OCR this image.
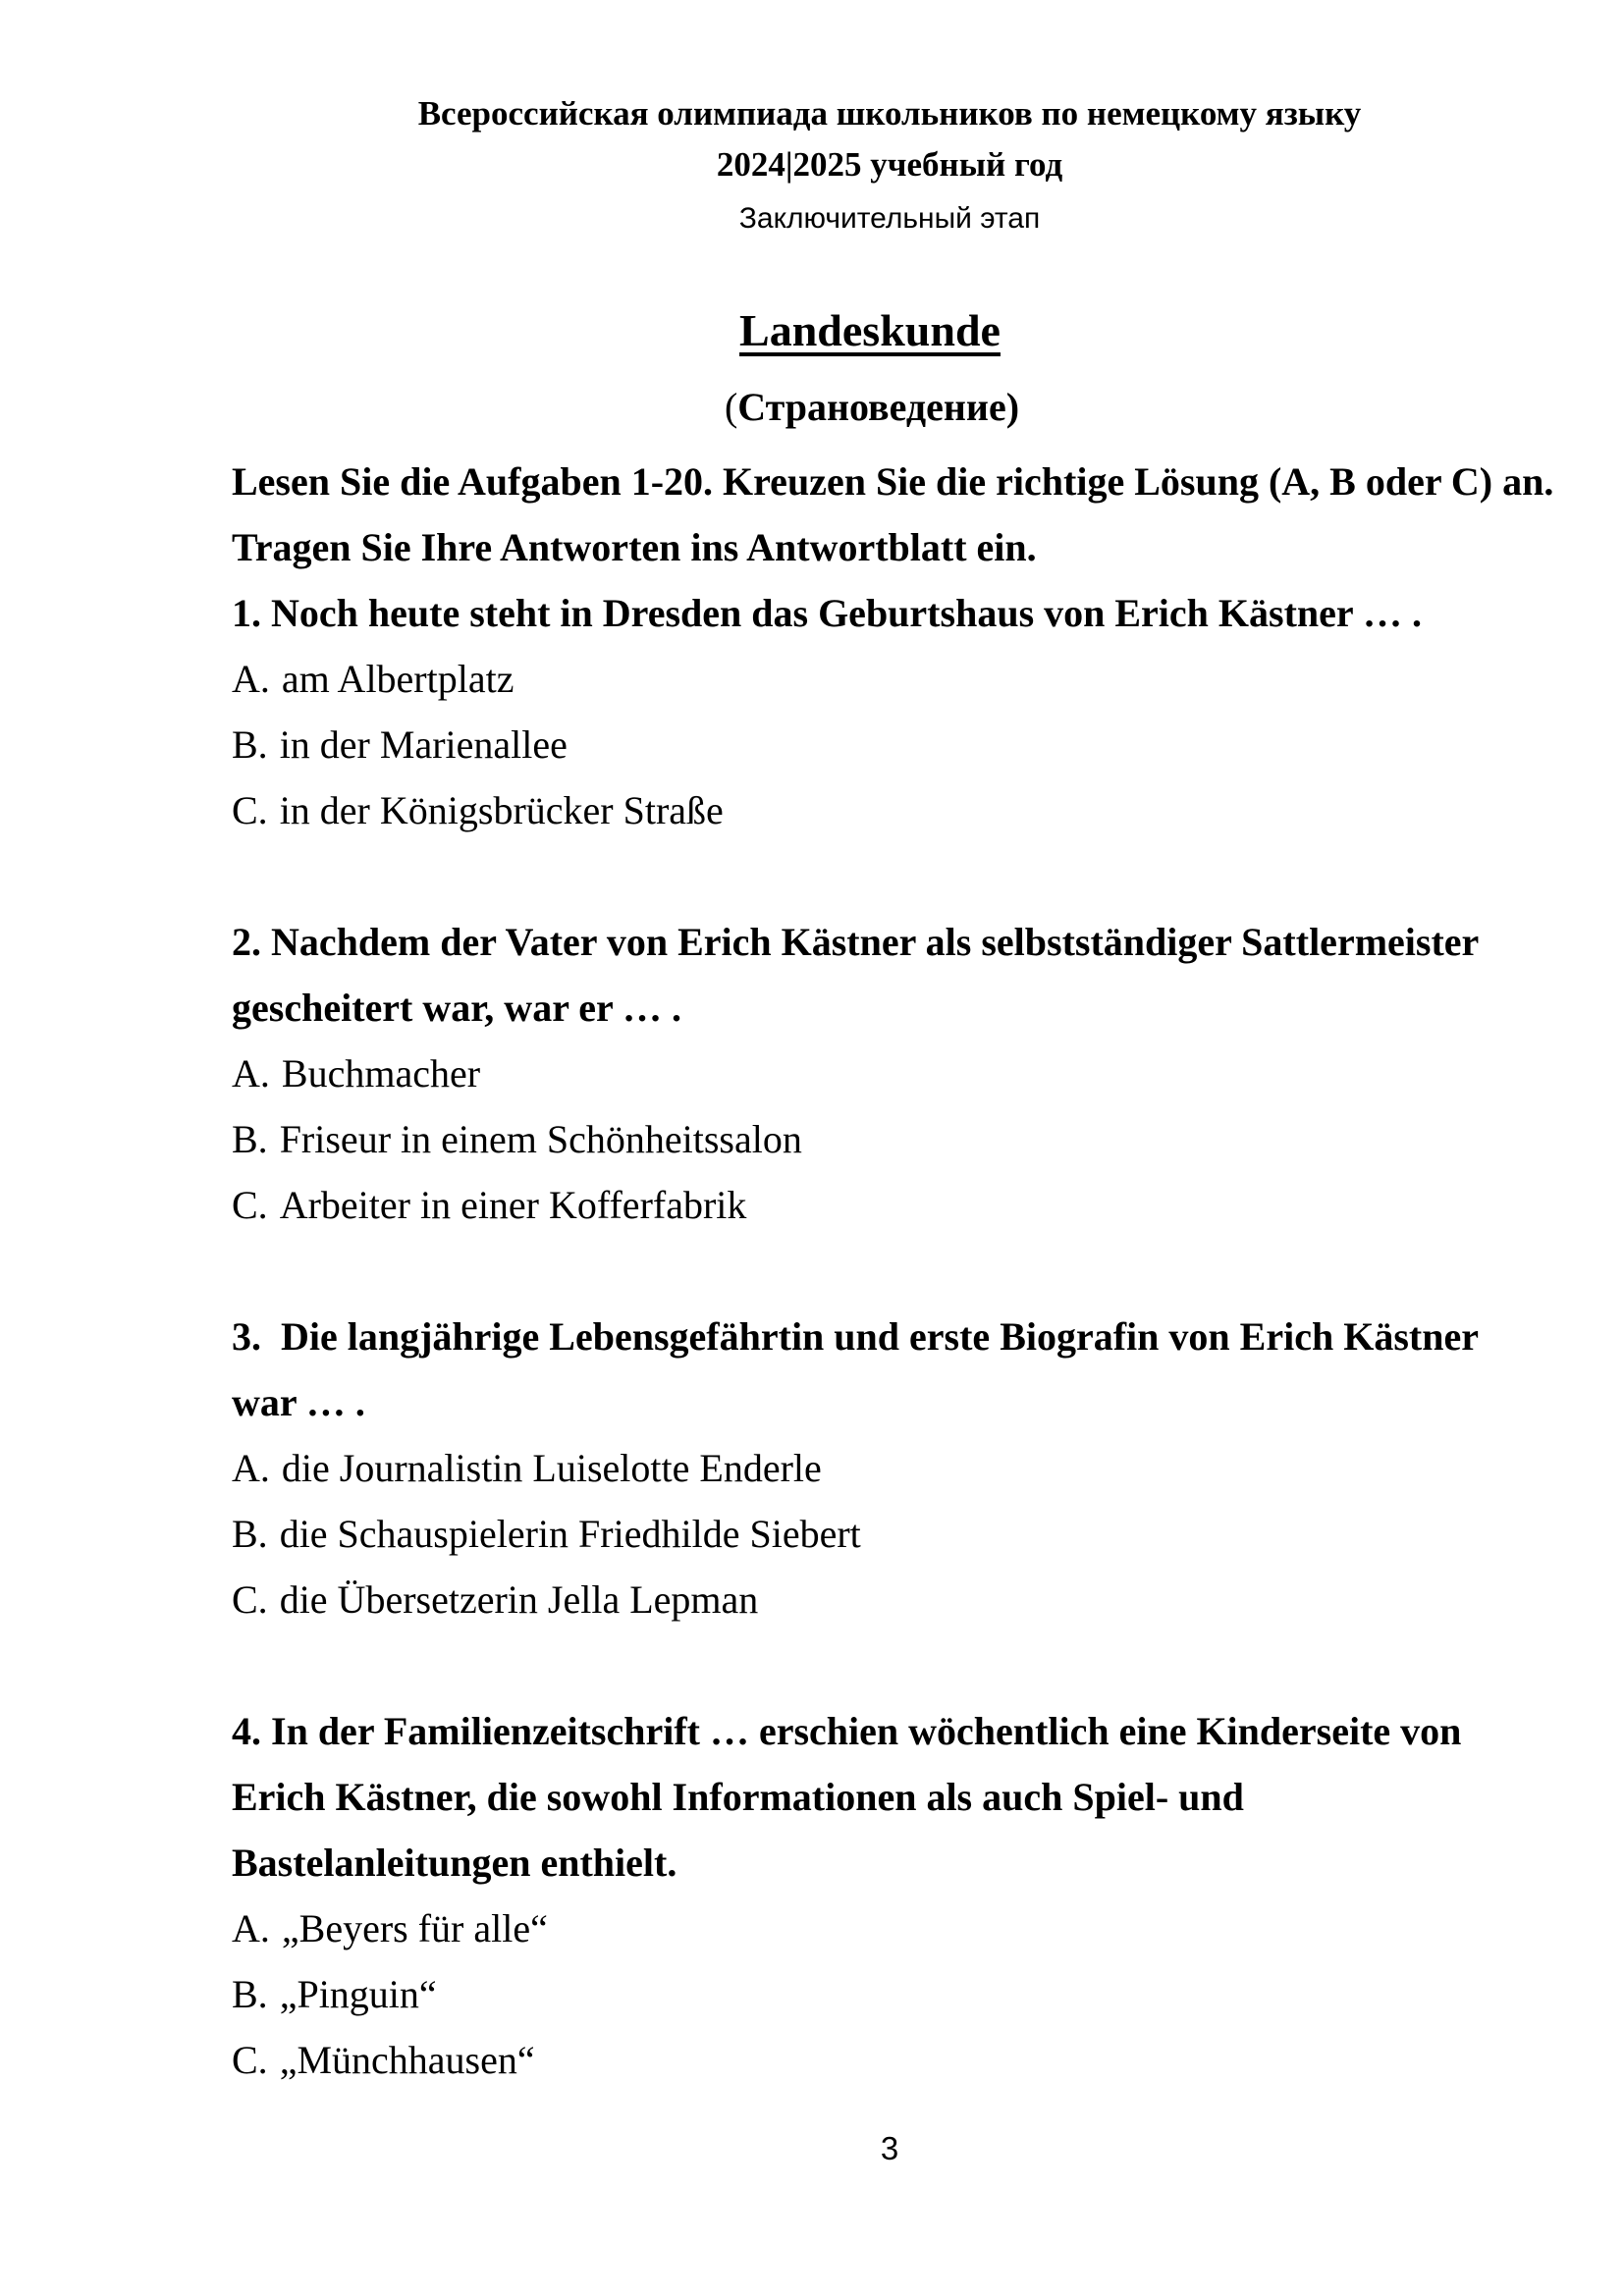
Всероссийская олимпиада школьников по немецкому языку
2024|2025 учебный год
Заключительный этап
Landeskunde
(Страноведение)
Lesen Sie die Aufgaben 1-20. Kreuzen Sie die richtige Lösung (A, B oder C) an.
Tragen Sie Ihre Antworten ins Antwortblatt ein.
1. Noch heute steht in Dresden das Geburtshaus von Erich Kästner … .
A. am Albertplatz
B. in der Marienallee
C. in der Königsbrücker Straße
2. Nachdem der Vater von Erich Kästner als selbstständiger Sattlermeister
gescheitert war, war er … .
A. Buchmacher
B. Friseur in einem Schönheitssalon
C. Arbeiter in einer Kofferfabrik
3.  Die langjährige Lebensgefährtin und erste Biografin von Erich Kästner
war … .
A. die Journalistin Luiselotte Enderle
B. die Schauspielerin Friedhilde Siebert
C. die Übersetzerin Jella Lepman
4. In der Familienzeitschrift … erschien wöchentlich eine Kinderseite von
Erich Kästner, die sowohl Informationen als auch Spiel- und
Bastelanleitungen enthielt.
A. „Beyers für alle“
B. „Pinguin“
C. „Münchhausen“
3
